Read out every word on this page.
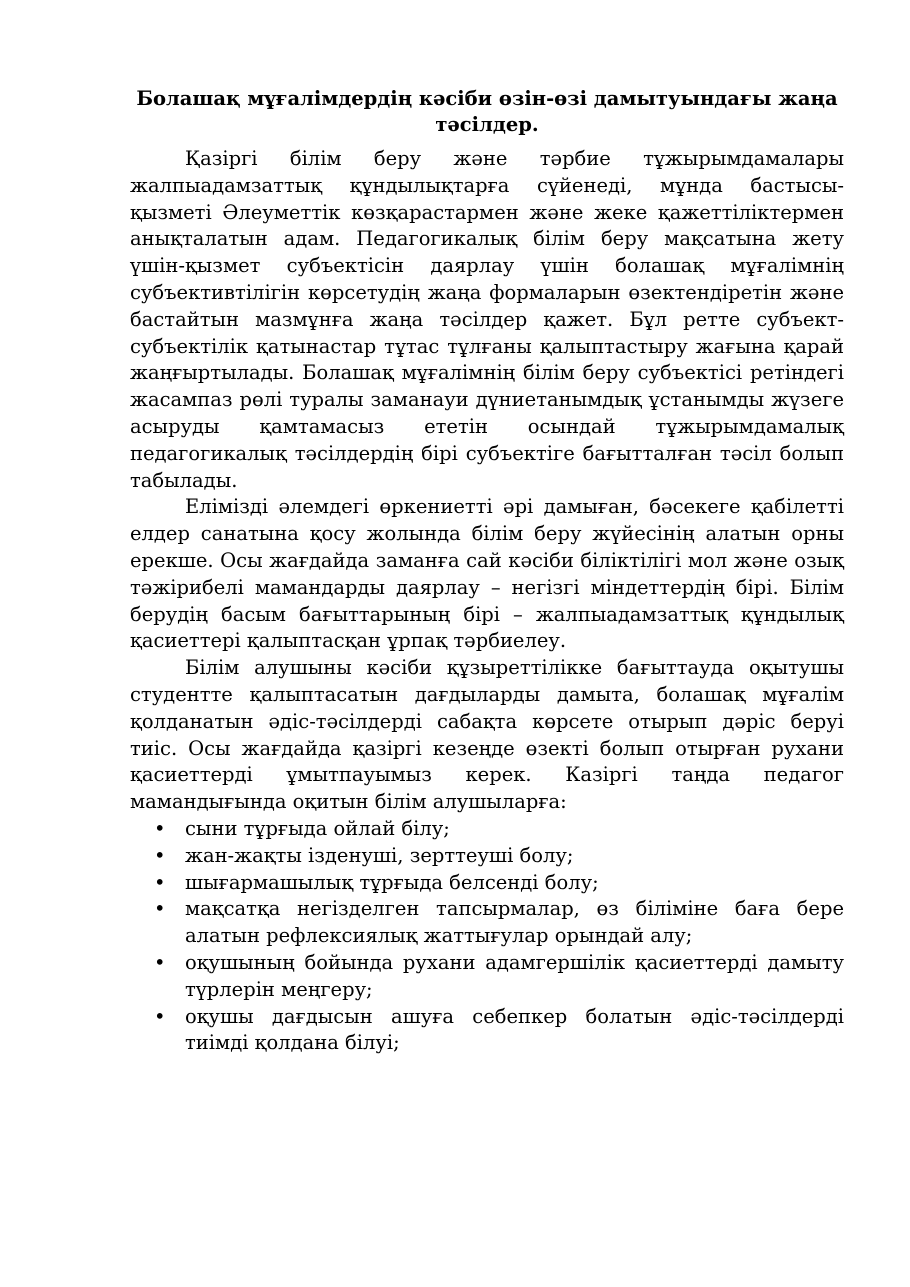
Болашақ мұғалімдердің кәсіби өзін-өзі дамытуындағы жаңа тәсілдер.

Қазіргі білім беру және тәрбие тұжырымдамалары жалпыадамзаттық құндылықтарға сүйенеді, мұнда бастысы- қызметі Әлеуметтік көзқарастармен және жеке қажеттіліктермен анықталатын адам. Педагогикалық білім беру мақсатына жету үшін-қызмет субъектісін даярлау үшін болашақ мұғалімнің субъективтілігін көрсетудің жаңа формаларын өзектендіретін және бастайтын мазмұнға жаңа тәсілдер қажет. Бұл ретте субъект-субъектілік қатынастар тұтас тұлғаны қалыптастыру жағына қарай жаңғыртылады. Болашақ мұғалімнің білім беру субъектісі ретіндегі жасампаз рөлі туралы заманауи дүниетанымдық ұстанымды жүзеге асыруды қамтамасыз ететін осындай тұжырымдамалық педагогикалық тәсілдердің бірі субъектіге бағытталған тәсіл болып табылады.

Елімізді әлемдегі өркениетті әрі дамыған, бәсекеге қабілетті елдер санатына қосу жолында білім беру жүйесінің алатын орны ерекше. Осы жағдайда заманға сай кәсіби біліктілігі мол және озық тәжірибелі мамандарды даярлау – негізгі міндеттердің бірі. Білім берудің басым бағыттарының бірі – жалпыадамзаттық құндылық қасиеттері қалыптасқан ұрпақ тәрбиелеу.

Білім алушыны кәсіби құзыреттілікке бағыттауда оқытушы студентте қалыптасатын дағдыларды дамыта, болашақ мұғалім қолданатын әдіс-тәсілдерді сабақта көрсете отырып дәріс беруі тиіс. Осы жағдайда қазіргі кезеңде өзекті болып отырған рухани қасиеттерді ұмытпауымыз керек. Казіргі таңда педагог мамандығында оқитын білім алушыларға:

• сыни тұрғыда ойлай білу;
• жан-жақты ізденуші, зерттеуші болу;
• шығармашылық тұрғыда белсенді болу;
• мақсатқа негізделген тапсырмалар, өз біліміне баға бере алатын рефлексиялық жаттығулар орындай алу;
• оқушының бойында рухани адамгершілік қасиеттерді дамыту түрлерін меңгеру;
• оқушы дағдысын ашуға себепкер болатын әдіс-тәсілдерді тиімді қолдана білуі;
